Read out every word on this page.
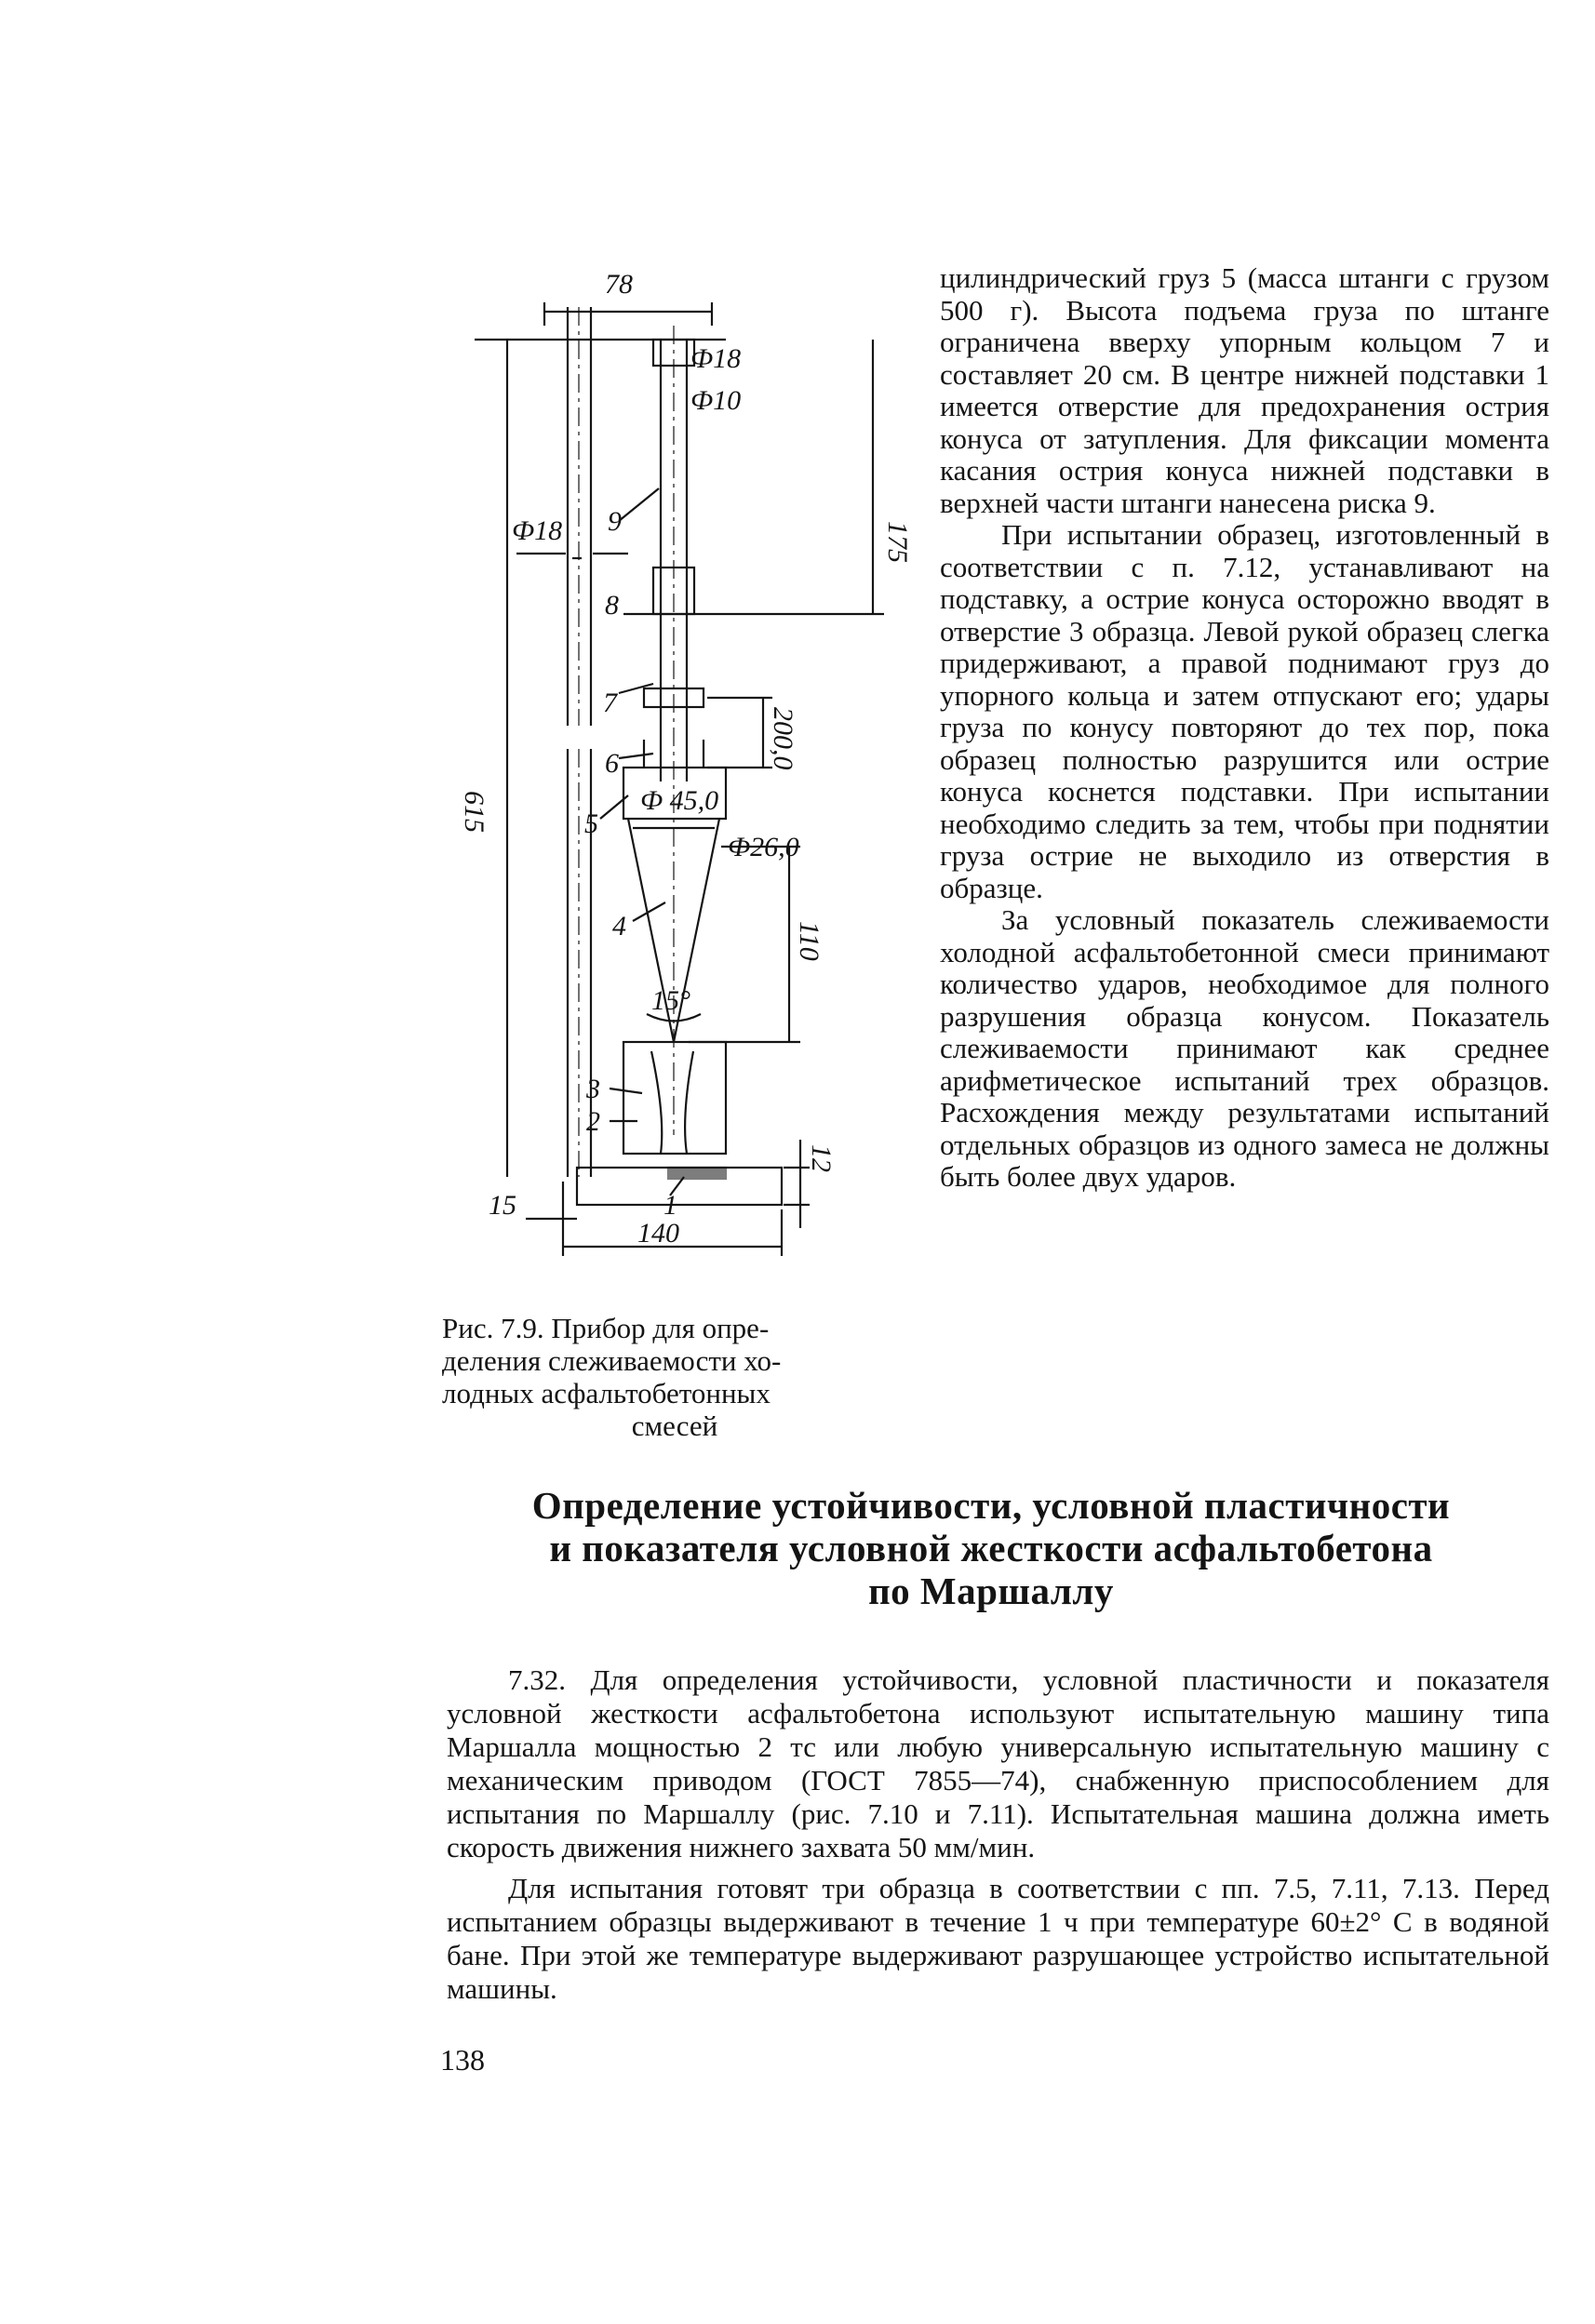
78
Ф18
Ф10
175
Ф18
615
200,0
Ф 45,0
Ф26,0
110
15°
12
15
140
1
2
3
4
5
6
7
8
9
Рис. 7.9. Прибор для опре-
деления слеживаемости хо-
лодных асфальтобетонных
смесей

цилиндрический груз 5 (масса штанги с грузом 500 г). Высота подъема груза по штанге ограничена вверху упорным кольцом 7 и составляет 20 см. В центре нижней подставки 1 имеется отверстие для предохранения острия конуса от затупления. Для фиксации момента касания острия конуса нижней подставки в верхней части штанги нанесена риска 9.

При испытании образец, изготовленный в соответствии с п. 7.12, устанавливают на подставку, а острие конуса осторожно вводят в отверстие 3 образца. Левой рукой образец слегка придерживают, а правой поднимают груз до упорного кольца и затем отпускают его; удары груза по конусу повторяют до тех пор, пока образец полностью разрушится или острие конуса коснется подставки. При испытании необходимо следить за тем, чтобы при поднятии груза острие не выходило из отверстия в образце.

За условный показатель слеживаемости холодной асфальтобетонной смеси принимают количество ударов, необходимое для полного разрушения образца конусом. Показатель слеживаемости принимают как среднее арифметическое испытаний трех образцов. Расхождения между результатами испытаний отдельных образцов из одного замеса не должны быть более двух ударов.

Определение устойчивости, условной пластичности
и показателя условной жесткости асфальтобетона
по Маршаллу

7.32. Для определения устойчивости, условной пластичности и показателя условной жесткости асфальтобетона используют испытательную машину типа Маршалла мощностью 2 тс или любую универсальную испытательную машину с механическим приводом (ГОСТ 7855—74), снабженную приспособлением для испытания по Маршаллу (рис. 7.10 и 7.11). Испытательная машина должна иметь скорость движения нижнего захвата 50 мм/мин.

Для испытания готовят три образца в соответствии с пп. 7.5, 7.11, 7.13. Перед испытанием образцы выдерживают в течение 1 ч при температуре 60±2° С в водяной бане. При этой же температуре выдерживают разрушающее устройство испытательной машины.

138
